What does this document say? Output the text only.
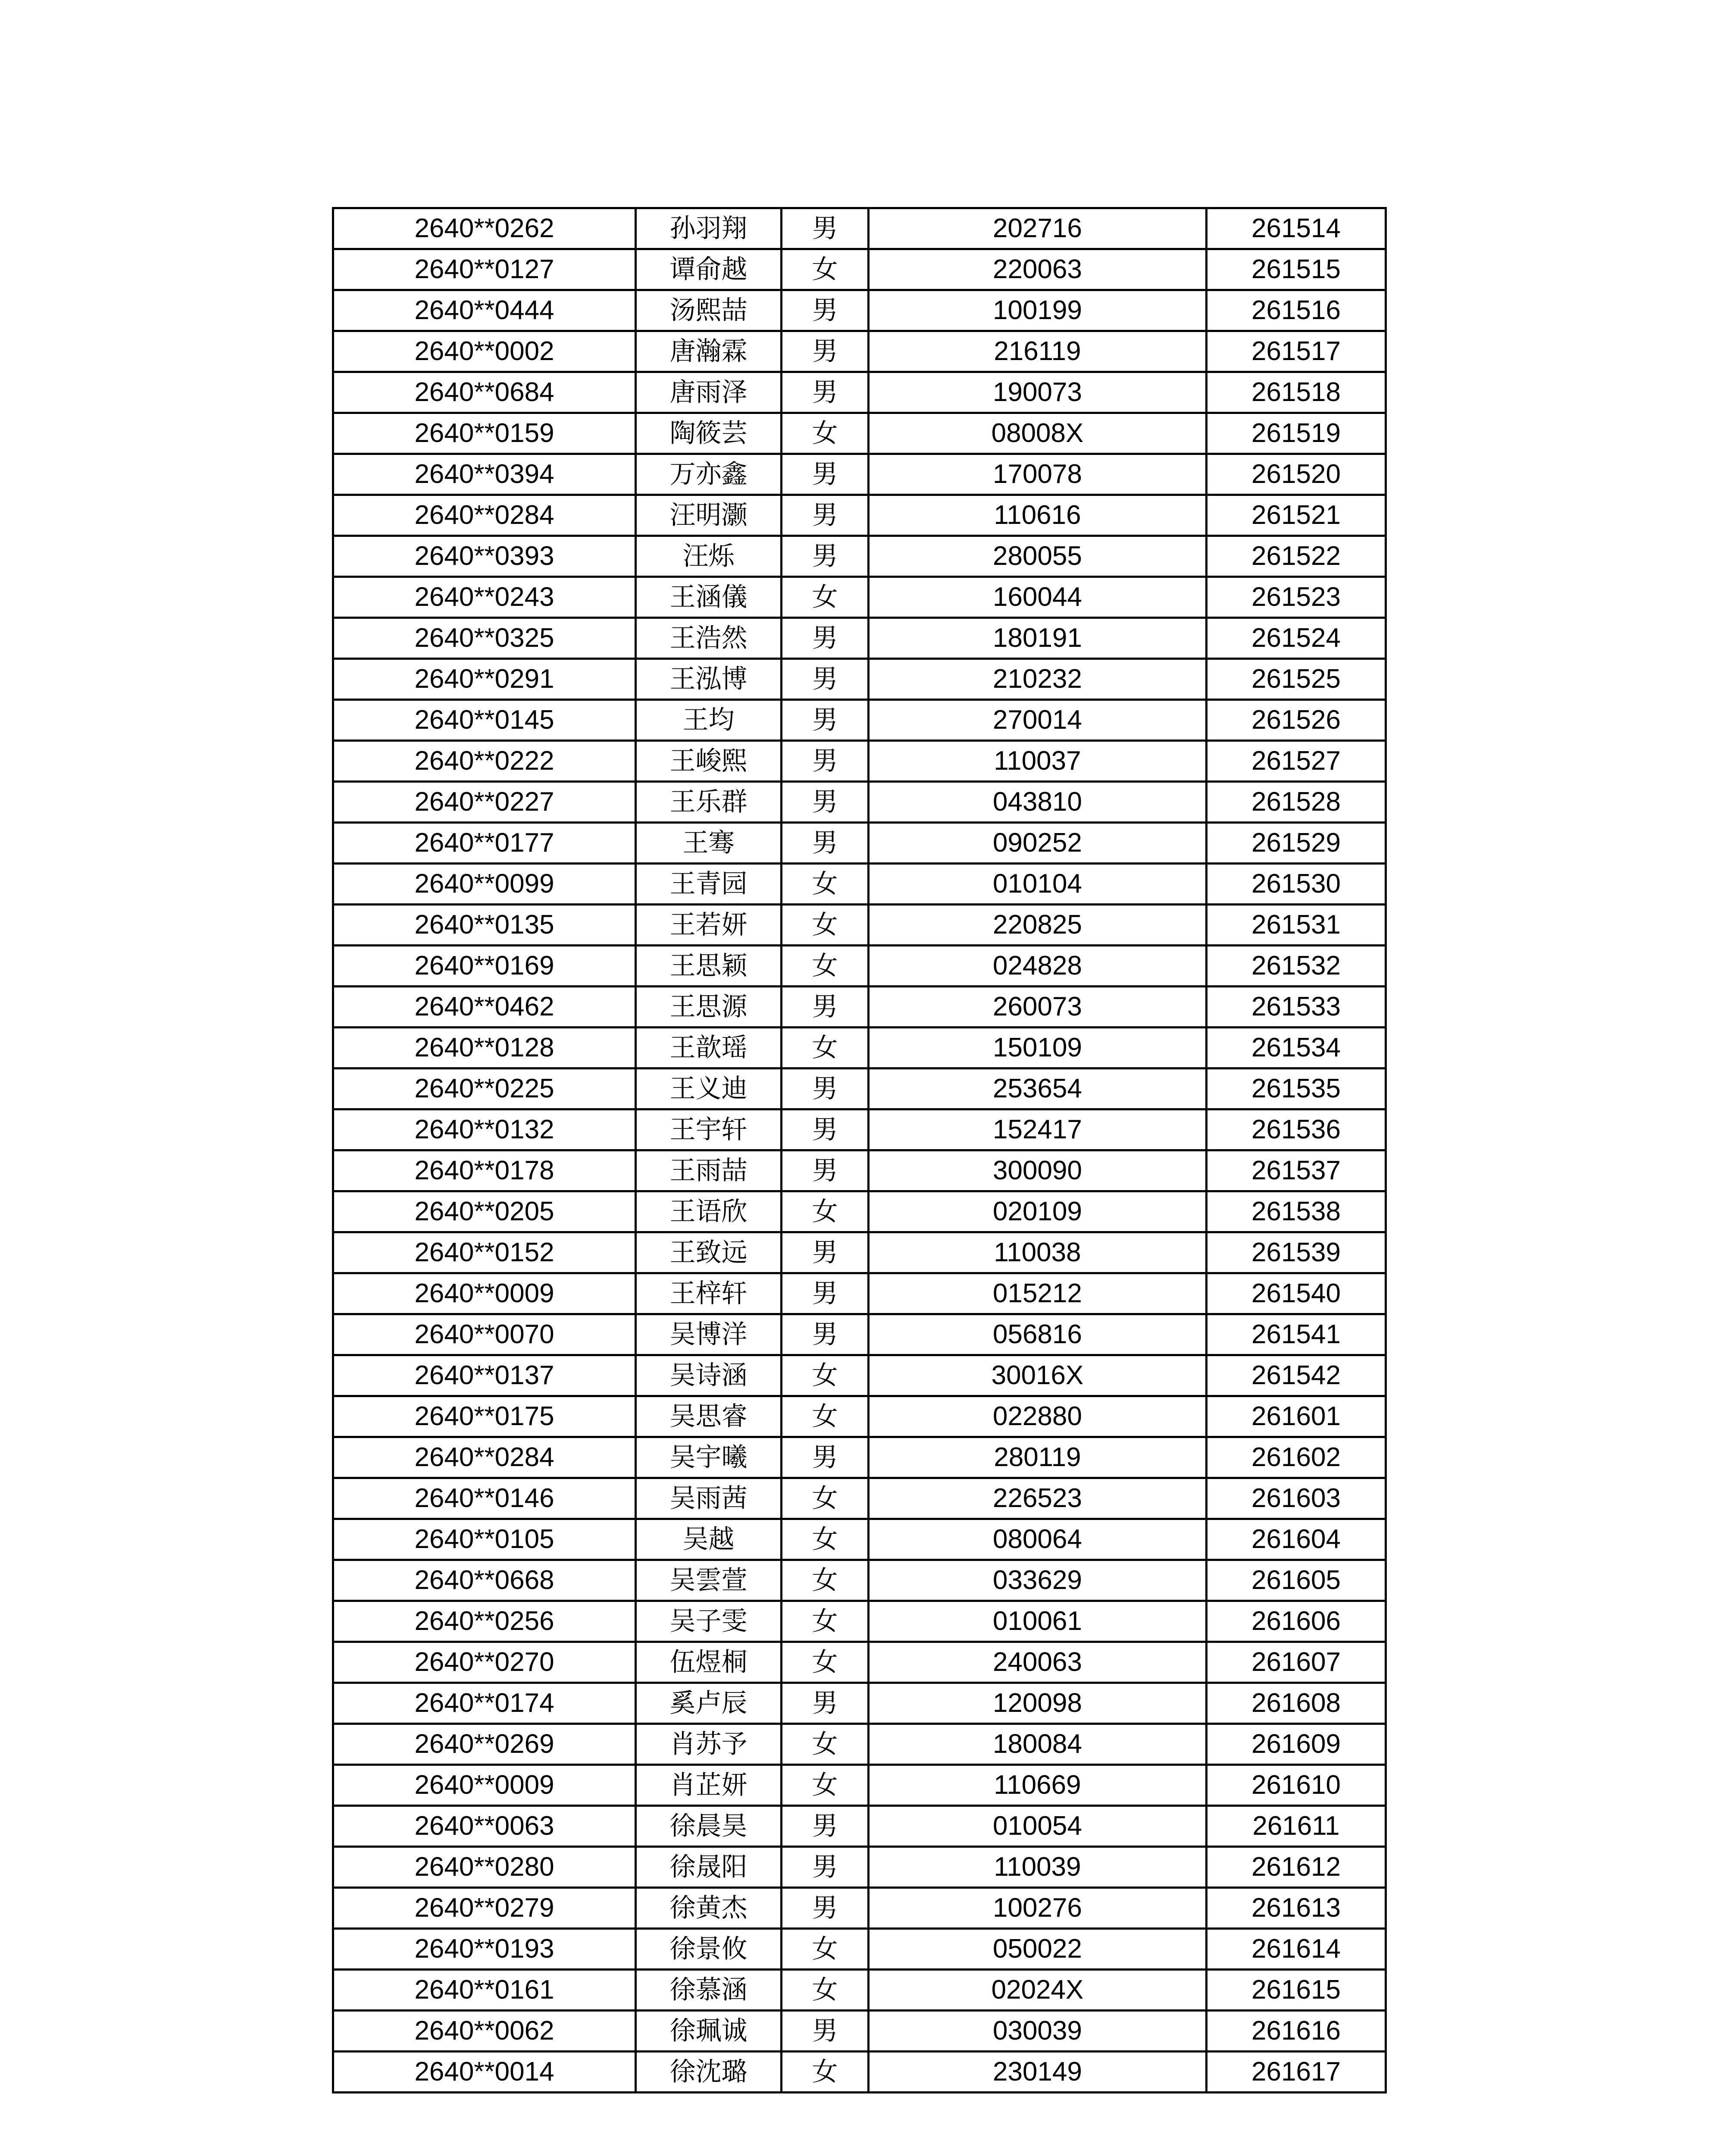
2640**0262	孙羽翔	男	202716	261514
2640**0127	谭俞越	女	220063	261515
2640**0444	汤熙喆	男	100199	261516
2640**0002	唐瀚霖	男	216119	261517
2640**0684	唐雨泽	男	190073	261518
2640**0159	陶筱芸	女	08008X	261519
2640**0394	万亦鑫	男	170078	261520
2640**0284	汪明灏	男	110616	261521
2640**0393	汪烁	男	280055	261522
2640**0243	王涵儀	女	160044	261523
2640**0325	王浩然	男	180191	261524
2640**0291	王泓博	男	210232	261525
2640**0145	王均	男	270014	261526
2640**0222	王峻熙	男	110037	261527
2640**0227	王乐群	男	043810	261528
2640**0177	王骞	男	090252	261529
2640**0099	王青园	女	010104	261530
2640**0135	王若妍	女	220825	261531
2640**0169	王思颖	女	024828	261532
2640**0462	王思源	男	260073	261533
2640**0128	王歆瑶	女	150109	261534
2640**0225	王义迪	男	253654	261535
2640**0132	王宇轩	男	152417	261536
2640**0178	王雨喆	男	300090	261537
2640**0205	王语欣	女	020109	261538
2640**0152	王致远	男	110038	261539
2640**0009	王梓轩	男	015212	261540
2640**0070	吴博洋	男	056816	261541
2640**0137	吴诗涵	女	30016X	261542
2640**0175	吴思睿	女	022880	261601
2640**0284	吴宇曦	男	280119	261602
2640**0146	吴雨茜	女	226523	261603
2640**0105	吴越	女	080064	261604
2640**0668	吴雲萱	女	033629	261605
2640**0256	吴子雯	女	010061	261606
2640**0270	伍煜桐	女	240063	261607
2640**0174	奚卢辰	男	120098	261608
2640**0269	肖苏予	女	180084	261609
2640**0009	肖芷妍	女	110669	261610
2640**0063	徐晨昊	男	010054	261611
2640**0280	徐晟阳	男	110039	261612
2640**0279	徐黄杰	男	100276	261613
2640**0193	徐景攸	女	050022	261614
2640**0161	徐慕涵	女	02024X	261615
2640**0062	徐珮诚	男	030039	261616
2640**0014	徐沈璐	女	230149	261617
